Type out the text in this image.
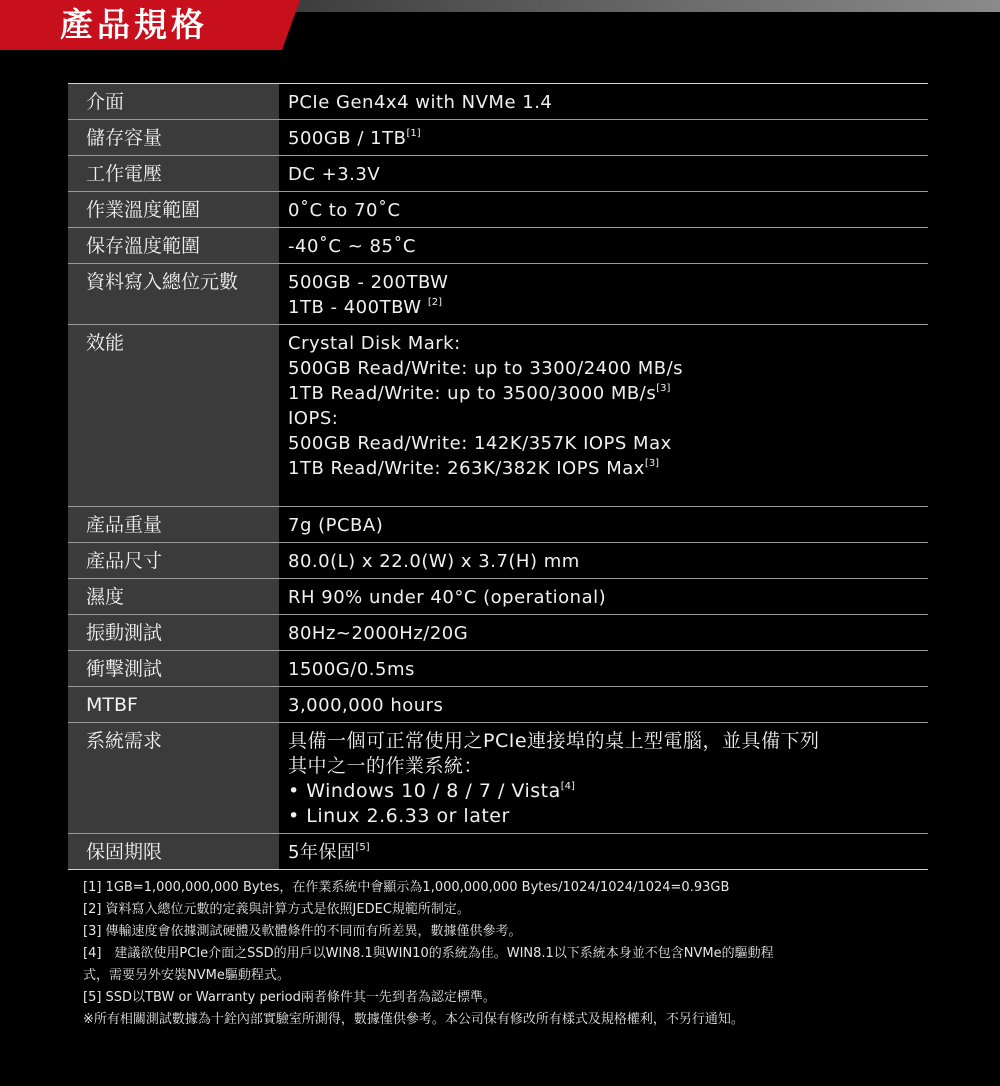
產品規格
介面	PCIe Gen4x4 with NVMe 1.4
儲存容量	500GB / 1TB[1]
工作電壓	DC +3.3V
作業溫度範圍	0˚C to 70˚C
保存溫度範圍	-40˚C ~ 85˚C
資料寫入總位元數	500GB - 200TBW
1TB - 400TBW [2]
效能	Crystal Disk Mark:
500GB Read/Write: up to 3300/2400 MB/s
1TB Read/Write: up to 3500/3000 MB/s[3]
IOPS:
500GB Read/Write: 142K/357K IOPS Max
1TB Read/Write: 263K/382K IOPS Max[3]
產品重量	7g (PCBA)
產品尺寸	80.0(L) x 22.0(W) x 3.7(H) mm
濕度	RH 90% under 40°C (operational)
振動測試	80Hz~2000Hz/20G
衝擊測試	1500G/0.5ms
MTBF	3,000,000 hours
系統需求	具備一個可正常使用之PCIe連接埠的桌上型電腦，並具備下列
其中之一的作業系統：
• Windows 10 / 8 / 7 / Vista[4]
• Linux 2.6.33 or later
保固期限	5年保固[5]
[1] 1GB=1,000,000,000 Bytes，在作業系統中會顯示為1,000,000,000 Bytes/1024/1024/1024=0.93GB
[2] 資料寫入總位元數的定義與計算方式是依照JEDEC規範所制定。
[3] 傳輸速度會依據測試硬體及軟體條件的不同而有所差異，數據僅供參考。
[4]　建議欲使用PCIe介面之SSD的用戶以WIN8.1與WIN10的系統為佳。WIN8.1以下系統本身並不包含NVMe的驅動程
式，需要另外安裝NVMe驅動程式。
[5] SSD以TBW or Warranty period兩者條件其一先到者為認定標準。
※所有相關測試數據為十銓內部實驗室所測得，數據僅供參考。本公司保有修改所有樣式及規格權利，不另行通知。
